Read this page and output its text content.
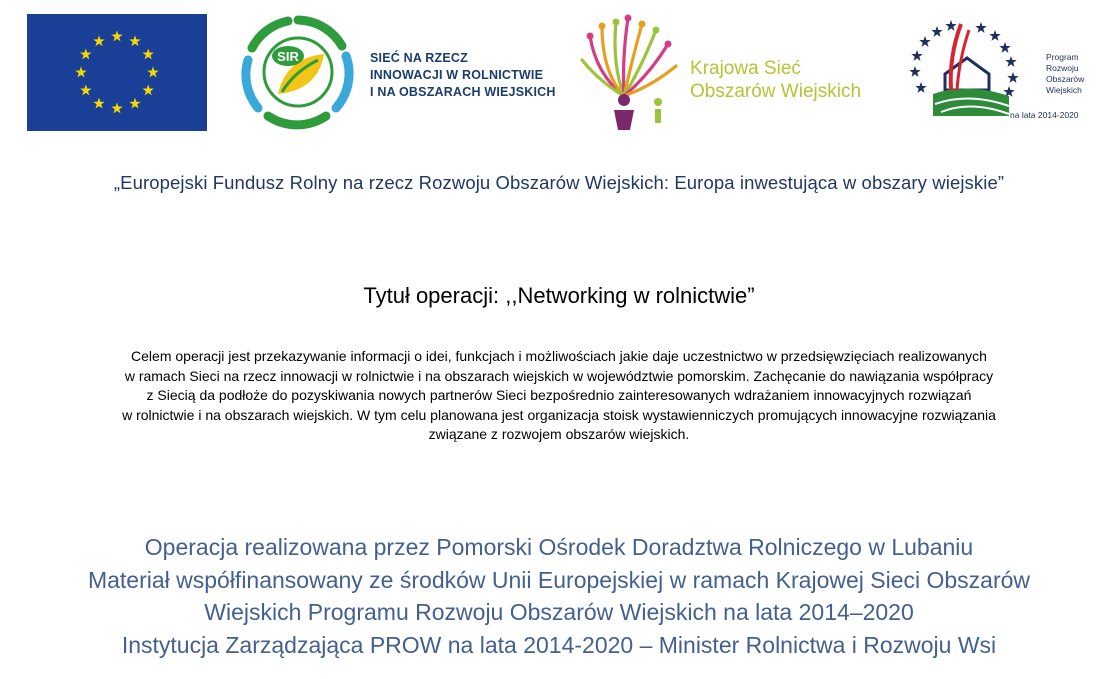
SIR	SIEĆ NA RZECZ
INNOWACJI W ROLNICTWIE
I NA OBSZARACH WIEJSKICH
Krajowa Sieć
Obszarów Wiejskich
Program
Rozwoju
Obszarów
Wiejskich
na lata 2014-2020
„Europejski Fundusz Rolny na rzecz Rozwoju Obszarów Wiejskich: Europa inwestująca w obszary wiejskie”
Tytuł operacji: ,,Networking w rolnictwie”
Celem operacji jest przekazywanie informacji o idei, funkcjach i możliwościach jakie daje uczestnictwo w przedsięwzięciach realizowanych
w ramach Sieci na rzecz innowacji w rolnictwie i na obszarach wiejskich w województwie pomorskim. Zachęcanie do nawiązania współpracy
z Siecią da podłoże do pozyskiwania nowych partnerów Sieci bezpośrednio zainteresowanych wdrażaniem innowacyjnych rozwiązań
w rolnictwie i na obszarach wiejskich. W tym celu planowana jest organizacja stoisk wystawienniczych promujących innowacyjne rozwiązania
związane z rozwojem obszarów wiejskich.
Operacja realizowana przez Pomorski Ośrodek Doradztwa Rolniczego w Lubaniu
Materiał współfinansowany ze środków Unii Europejskiej w ramach Krajowej Sieci Obszarów
Wiejskich Programu Rozwoju Obszarów Wiejskich na lata 2014–2020
Instytucja Zarządzająca PROW na lata 2014-2020 – Minister Rolnictwa i Rozwoju Wsi
